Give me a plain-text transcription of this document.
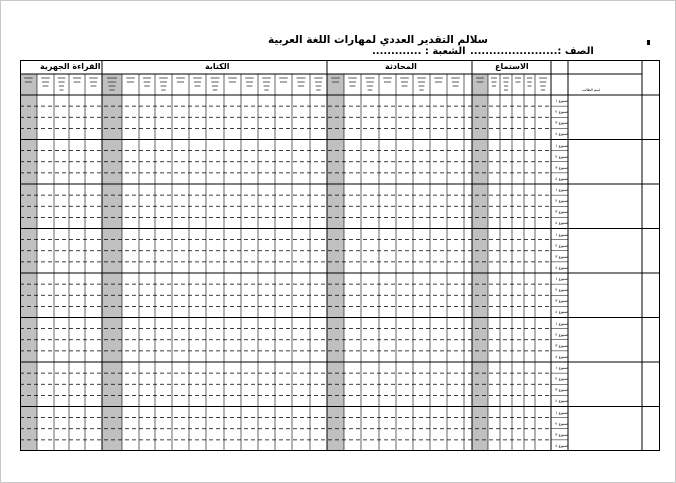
سلالم التقدير العددي لمهارات اللغة العربية
الصف :.......................
الشعبة : .............
الاستماع
المحادثة
الكتابة
القراءة الجهرية
اسم الطالب
أسبوع ١
أسبوع ٢
أسبوع ٣
أسبوع ٤
أسبوع ١
أسبوع ٢
أسبوع ٣
أسبوع ٤
أسبوع ١
أسبوع ٢
أسبوع ٣
أسبوع ٤
أسبوع ١
أسبوع ٢
أسبوع ٣
أسبوع ٤
أسبوع ١
أسبوع ٢
أسبوع ٣
أسبوع ٤
أسبوع ١
أسبوع ٢
أسبوع ٣
أسبوع ٤
أسبوع ١
أسبوع ٢
أسبوع ٣
أسبوع ٤
أسبوع ١
أسبوع ٢
أسبوع ٣
أسبوع ٤
